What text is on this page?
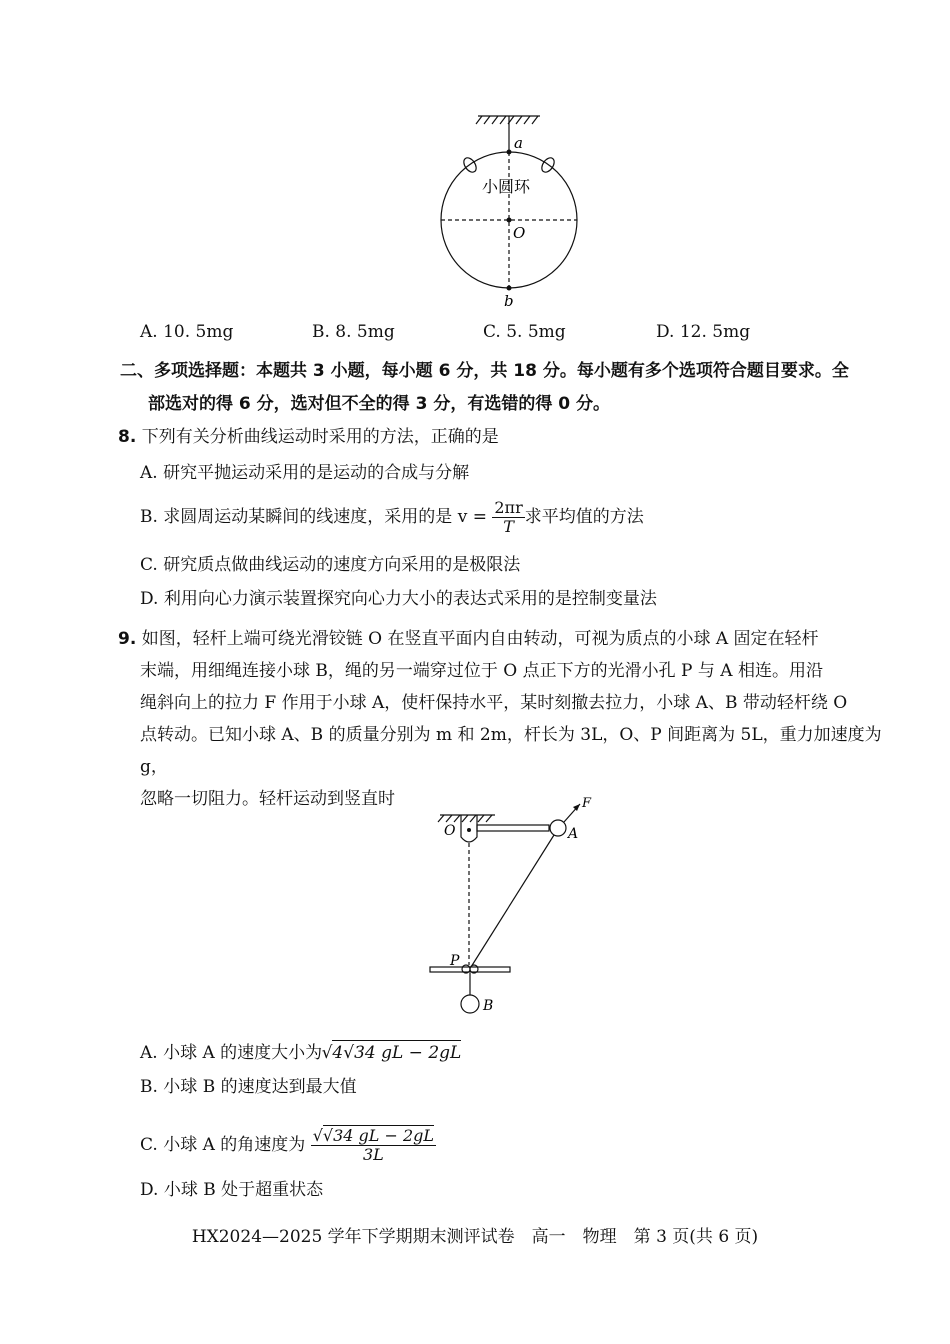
a
小圆环
O
b
A. 10. 5mg	B. 8. 5mg	C. 5. 5mg	D. 12. 5mg
二、多项选择题：本题共 3 小题，每小题 6 分，共 18 分。每小题有多个选项符合题目要求。全
部选对的得 6 分，选对但不全的得 3 分，有选错的得 0 分。
8. 下列有关分析曲线运动时采用的方法，正确的是
A. 研究平抛运动采用的是运动的合成与分解
B. 求圆周运动某瞬间的线速度，采用的是 $v = \frac{2\pi r}{T}$ 求平均值的方法
C. 研究质点做曲线运动的速度方向采用的是极限法
D. 利用向心力演示装置探究向心力大小的表达式采用的是控制变量法
9. 如图，轻杆上端可绕光滑铰链 O 在竖直平面内自由转动，可视为质点的小球 A 固定在轻杆
末端，用细绳连接小球 B，绳的另一端穿过位于 O 点正下方的光滑小孔 P 与 A 相连。用沿
绳斜向上的拉力 F 作用于小球 A，使杆保持水平，某时刻撤去拉力，小球 A、B 带动轻杆绕 O
点转动。已知小球 A、B 的质量分别为 m 和 2m，杆长为 3L，O、P 间距离为 5L，重力加速度为 g，
忽略一切阻力。轻杆运动到竖直时
O	A
F
P
B
A. 小球 A 的速度大小为 √4√34 gL − 2gL
B. 小球 B 的速度达到最大值
C. 小球 A 的角速度为 $\frac{√√34 gL - 2gL}{3L}$
D. 小球 B 处于超重状态
HX2024—2025 学年下学期期末测评试卷　高一　物理　第 3 页(共 6 页)
